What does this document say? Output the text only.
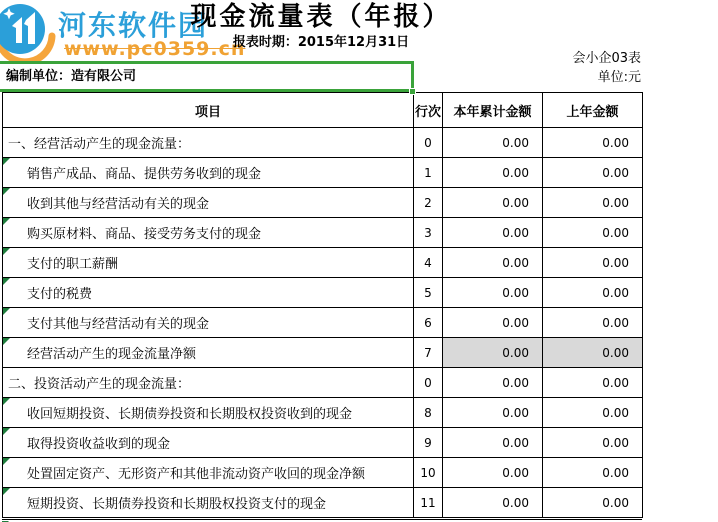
河东软件园
www.pc0359.cn
现金流量表（年报）
报表时期：2015年12月31日
会小企03表
单位:元
编制单位：造有限公司
项目	行次	本年累计金额	上年金额
一、经营活动产生的现金流量：	0	0.00	0.00

销售产成品、商品、提供劳务收到的现金	1	0.00	0.00

收到其他与经营活动有关的现金	2	0.00	0.00

购买原材料、商品、接受劳务支付的现金	3	0.00	0.00

支付的职工薪酬	4	0.00	0.00

支付的税费	5	0.00	0.00

支付其他与经营活动有关的现金	6	0.00	0.00

经营活动产生的现金流量净额	7	0.00	0.00
二、投资活动产生的现金流量：	0	0.00	0.00

收回短期投资、长期债券投资和长期股权投资收到的现金	8	0.00	0.00

取得投资收益收到的现金	9	0.00	0.00

处置固定资产、无形资产和其他非流动资产收回的现金净额	10	0.00	0.00

短期投资、长期债券投资和长期股权投资支付的现金	11	0.00	0.00
